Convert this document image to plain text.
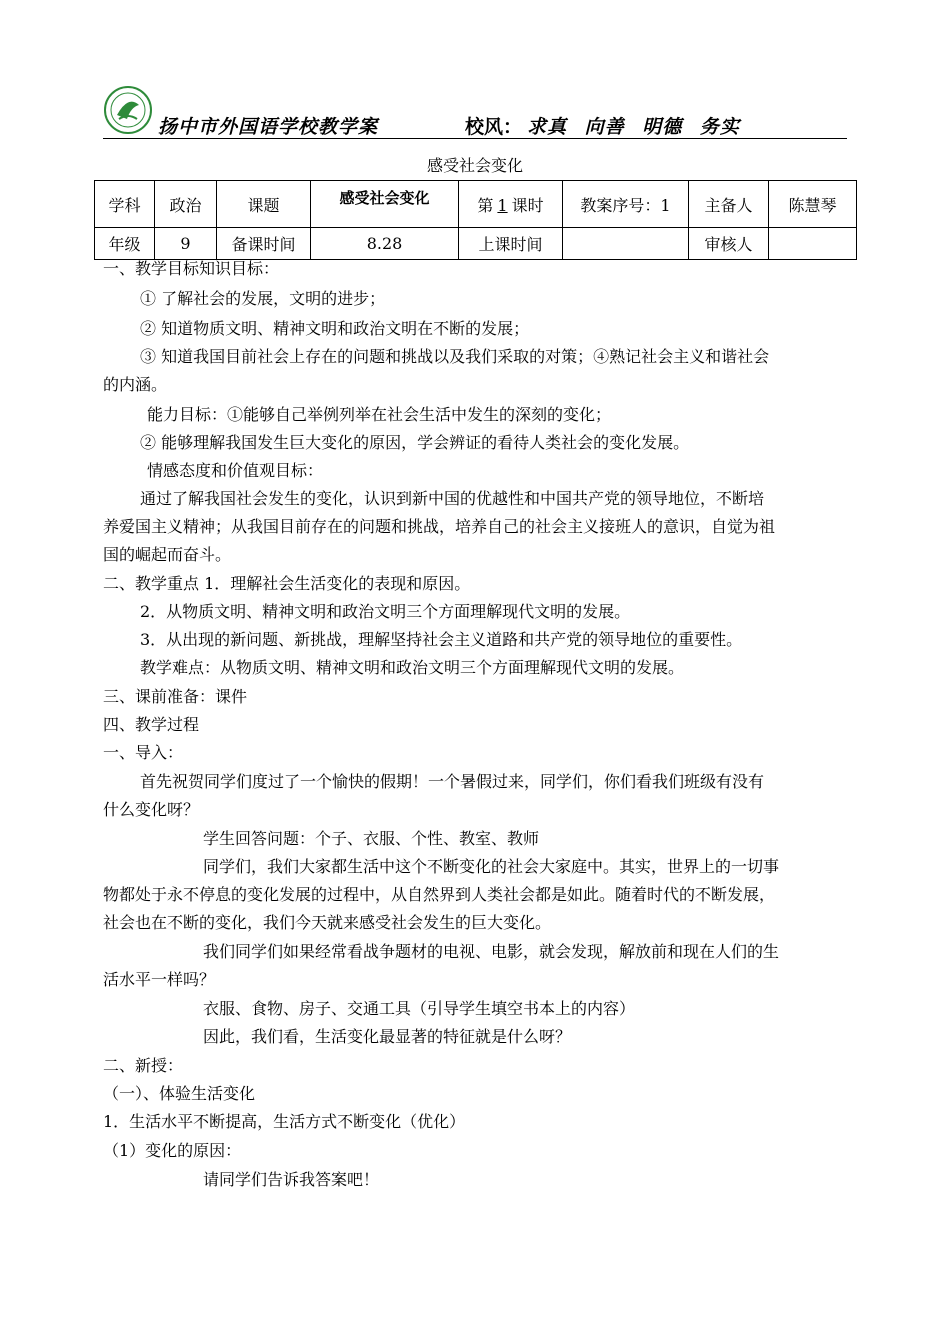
扬中市外国语学校教学案	校风： 求真 向善 明德 务实
感受社会变化
学科	政治	课题	感受社会变化	第 1 课时	教案序号：1	主备人	陈慧琴
年级	9	备课时间	8.28	上课时间		审核人	
一、教学目标知识目标：
① 了解社会的发展，文明的进步；
② 知道物质文明、精神文明和政治文明在不断的发展；
③ 知道我国目前社会上存在的问题和挑战以及我们采取的对策；④熟记社会主义和谐社会
的内涵。
能力目标：①能够自己举例列举在社会生活中发生的深刻的变化；
② 能够理解我国发生巨大变化的原因，学会辨证的看待人类社会的变化发展。
情感态度和价值观目标：
通过了解我国社会发生的变化，认识到新中国的优越性和中国共产党的领导地位，不断培
养爱国主义精神；从我国目前存在的问题和挑战，培养自己的社会主义接班人的意识，自觉为祖
国的崛起而奋斗。
二、教学重点 1．理解社会生活变化的表现和原因。
2．从物质文明、精神文明和政治文明三个方面理解现代文明的发展。
3．从出现的新问题、新挑战，理解坚持社会主义道路和共产党的领导地位的重要性。
教学难点：从物质文明、精神文明和政治文明三个方面理解现代文明的发展。
三、课前准备：课件
四、教学过程
一、导入：
首先祝贺同学们度过了一个愉快的假期！一个暑假过来，同学们，你们看我们班级有没有
什么变化呀？
学生回答问题：个子、衣服、个性、教室、教师
同学们，我们大家都生活中这个不断变化的社会大家庭中。其实，世界上的一切事
物都处于永不停息的变化发展的过程中，从自然界到人类社会都是如此。随着时代的不断发展，
社会也在不断的变化，我们今天就来感受社会发生的巨大变化。
我们同学们如果经常看战争题材的电视、电影，就会发现，解放前和现在人们的生
活水平一样吗？
衣服、食物、房子、交通工具（引导学生填空书本上的内容）
因此，我们看，生活变化最显著的特征就是什么呀？
二、新授：
（一）、体验生活变化
1．生活水平不断提高，生活方式不断变化（优化）
（1）变化的原因：
请同学们告诉我答案吧！
